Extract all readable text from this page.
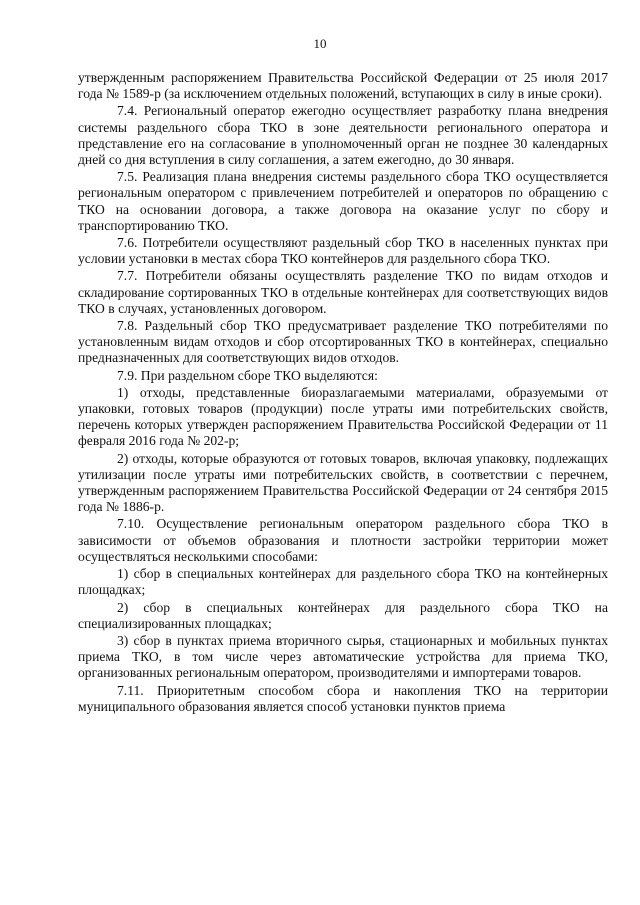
10

утвержденным распоряжением Правительства Российской Федерации от 25 июля 2017 года № 1589-р (за исключением отдельных положений, вступающих в силу в иные сроки).

7.4. Региональный оператор ежегодно осуществляет разработку плана внедрения системы раздельного сбора ТКО в зоне деятельности регионального оператора и представление его на согласование в уполномоченный орган не позднее 30 календарных дней со дня вступления в силу соглашения, а затем ежегодно, до 30 января.

7.5. Реализация плана внедрения системы раздельного сбора ТКО осуществляется региональным оператором с привлечением потребителей и операторов по обращению с ТКО на основании договора, а также договора на оказание услуг по сбору и транспортированию ТКО.

7.6. Потребители осуществляют раздельный сбор ТКО в населенных пунктах при условии установки в местах сбора ТКО контейнеров для раздельного сбора ТКО.

7.7. Потребители обязаны осуществлять разделение ТКО по видам отходов и складирование сортированных ТКО в отдельные контейнерах для соответствующих видов ТКО в случаях, установленных договором.

7.8. Раздельный сбор ТКО предусматривает разделение ТКО потребителями по установленным видам отходов и сбор отсортированных ТКО в контейнерах, специально предназначенных для соответствующих видов отходов.

7.9. При раздельном сборе ТКО выделяются:

1) отходы, представленные биоразлагаемыми материалами, образуемыми от упаковки, готовых товаров (продукции) после утраты ими потребительских свойств, перечень которых утвержден распоряжением Правительства Российской Федерации от 11 февраля 2016 года № 202-р;

2) отходы, которые образуются от готовых товаров, включая упаковку, подлежащих утилизации после утраты ими потребительских свойств, в соответствии с перечнем, утвержденным распоряжением Правительства Российской Федерации от 24 сентября 2015 года № 1886-р.

7.10. Осуществление региональным оператором раздельного сбора ТКО в зависимости от объемов образования и плотности застройки территории может осуществляться несколькими способами:

1) сбор в специальных контейнерах для раздельного сбора ТКО на контейнерных площадках;

2) сбор в специальных контейнерах для раздельного сбора ТКО на специализированных площадках;

3) сбор в пунктах приема вторичного сырья, стационарных и мобильных пунктах приема ТКО, в том числе через автоматические устройства для приема ТКО, организованных региональным оператором, производителями и импортерами товаров.

7.11. Приоритетным способом сбора и накопления ТКО на территории муниципального образования является способ установки пунктов приема
